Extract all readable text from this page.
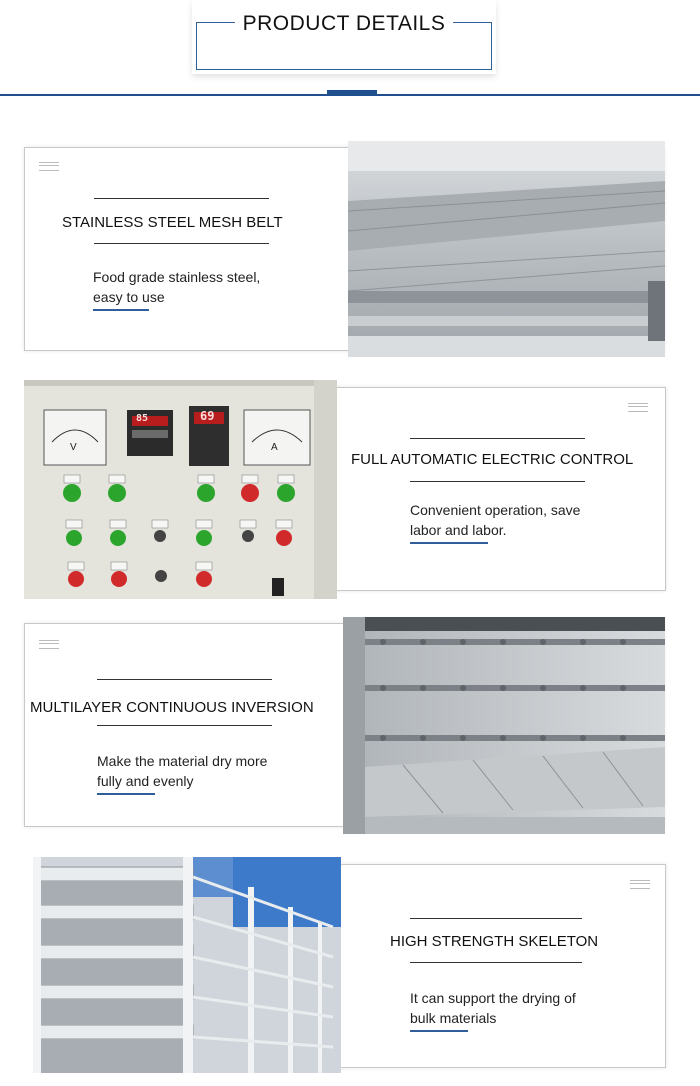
PRODUCT DETAILS
STAINLESS STEEL MESH BELT
Food grade stainless steel,
easy to use
85	69
V	A
FULL AUTOMATIC ELECTRIC CONTROL
Convenient operation, save
labor and labor.
MULTILAYER CONTINUOUS INVERSION
Make the material dry more
fully and evenly
HIGH STRENGTH SKELETON
It can support the drying of
bulk materials
